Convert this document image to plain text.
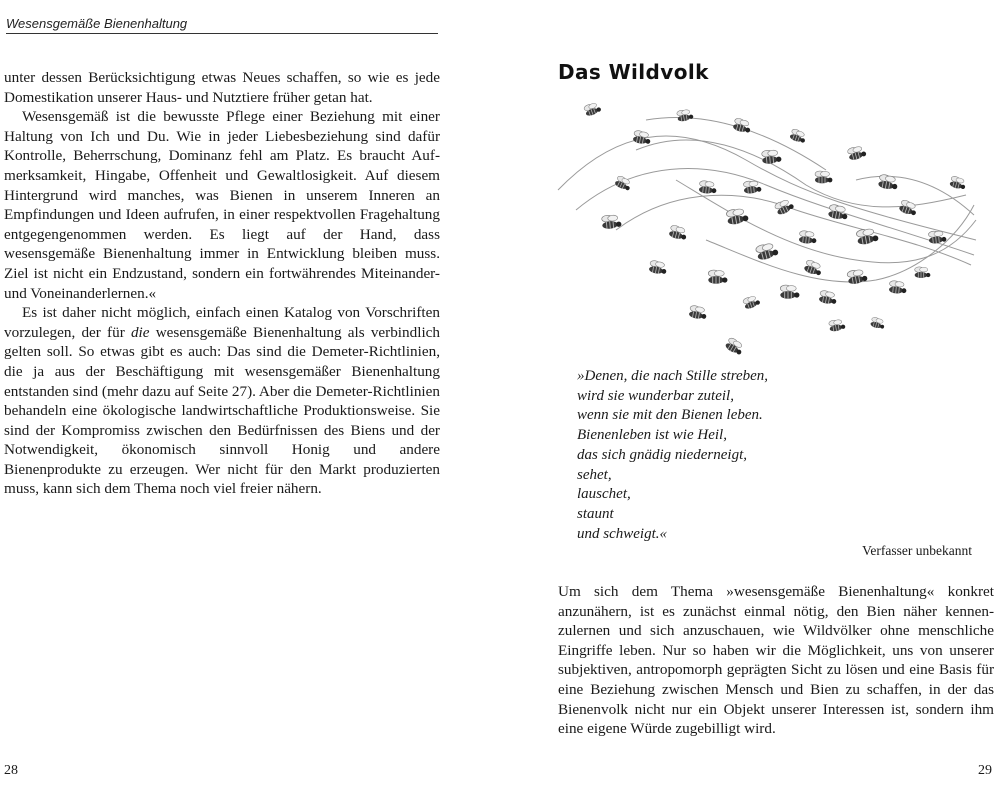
Wesensgemäße Bienenhaltung

unter dessen Berücksichtigung etwas Neues schaffen, so wie es jede Domestikation unserer Haus- und Nutztiere früher getan hat.

Wesensgemäß ist die bewusste Pflege einer Beziehung mit einer Haltung von Ich und Du. Wie in jeder Liebesbeziehung sind dafür Kontrolle, Beherrschung, Dominanz fehl am Platz. Es braucht Aufmerksamkeit, Hingabe, Offenheit und Gewaltlosigkeit. Auf diesem Hintergrund wird manches, was Bienen in unserem Inneren an Empfindungen und Ideen aufrufen, in einer respektvollen Fragehaltung entgegengenommen werden. Es liegt auf der Hand, dass wesensgemäße Bienenhaltung immer in Entwicklung bleiben muss. Ziel ist nicht ein Endzustand, sondern ein fortwährendes Miteinander- und Voneinanderlernen.«

Es ist daher nicht möglich, einfach einen Katalog von Vorschriften vorzulegen, der für die wesensgemäße Bienenhaltung als verbindlich gelten soll. So etwas gibt es auch: Das sind die Demeter-Richtlinien, die ja aus der Beschäftigung mit wesensgemäßer Bienenhaltung entstanden sind (mehr dazu auf Seite 27). Aber die Demeter-Richtlinien behandeln eine ökologische landwirtschaftliche Produktionsweise. Sie sind der Kompromiss zwischen den Bedürfnissen des Biens und der Notwendigkeit, ökonomisch sinnvoll Honig und andere Bienenprodukte zu erzeugen. Wer nicht für den Markt produzierten muss, kann sich dem Thema noch viel freier nähern.

28
Das Wildvolk
»Denen, die nach Stille streben,
wird sie wunderbar zuteil,
wenn sie mit den Bienen leben.
Bienenleben ist wie Heil,
das sich gnädig niederneigt,
sehet,
lauschet,
staunt
und schweigt.«
Verfasser unbekannt

Um sich dem Thema »wesensgemäße Bienenhaltung« konkret anzunähern, ist es zunächst einmal nötig, den Bien näher kennenzulernen und sich anzuschauen, wie Wildvölker ohne menschliche Eingriffe leben. Nur so haben wir die Möglichkeit, uns von unserer subjektiven, antropomorph geprägten Sicht zu lösen und eine Basis für eine Beziehung zwischen Mensch und Bien zu schaffen, in der das Bienenvolk nicht nur ein Objekt unserer Interessen ist, sondern ihm eine eigene Würde zugebilligt wird.

29
